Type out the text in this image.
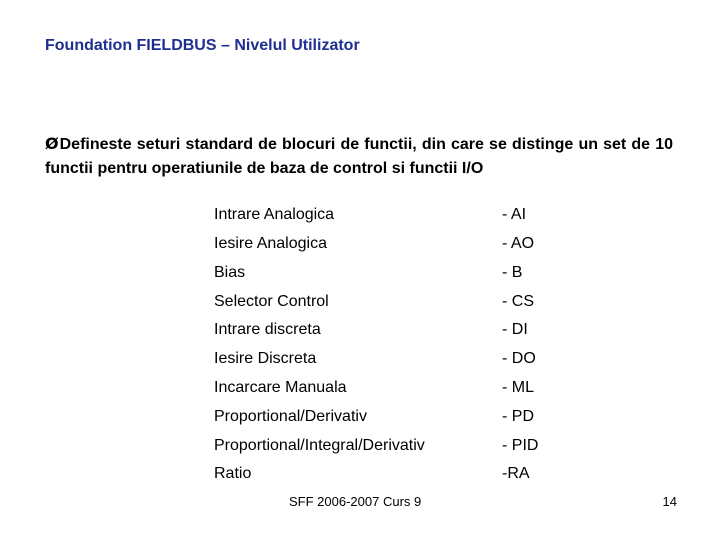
Foundation FIELDBUS – Nivelul Utilizator
ØDefineste seturi standard de blocuri de functii, din care se distinge un set de 10 functii pentru operatiunile de baza de control si functii I/O
Intrare Analogica	- AI
Iesire Analogica	- AO
Bias	- B
Selector Control	- CS
Intrare discreta	- DI
Iesire Discreta	- DO
Incarcare Manuala	- ML
Proportional/Derivativ	- PD
Proportional/Integral/Derivativ	- PID
Ratio	-RA
SFF 2006-2007 Curs 9	14
